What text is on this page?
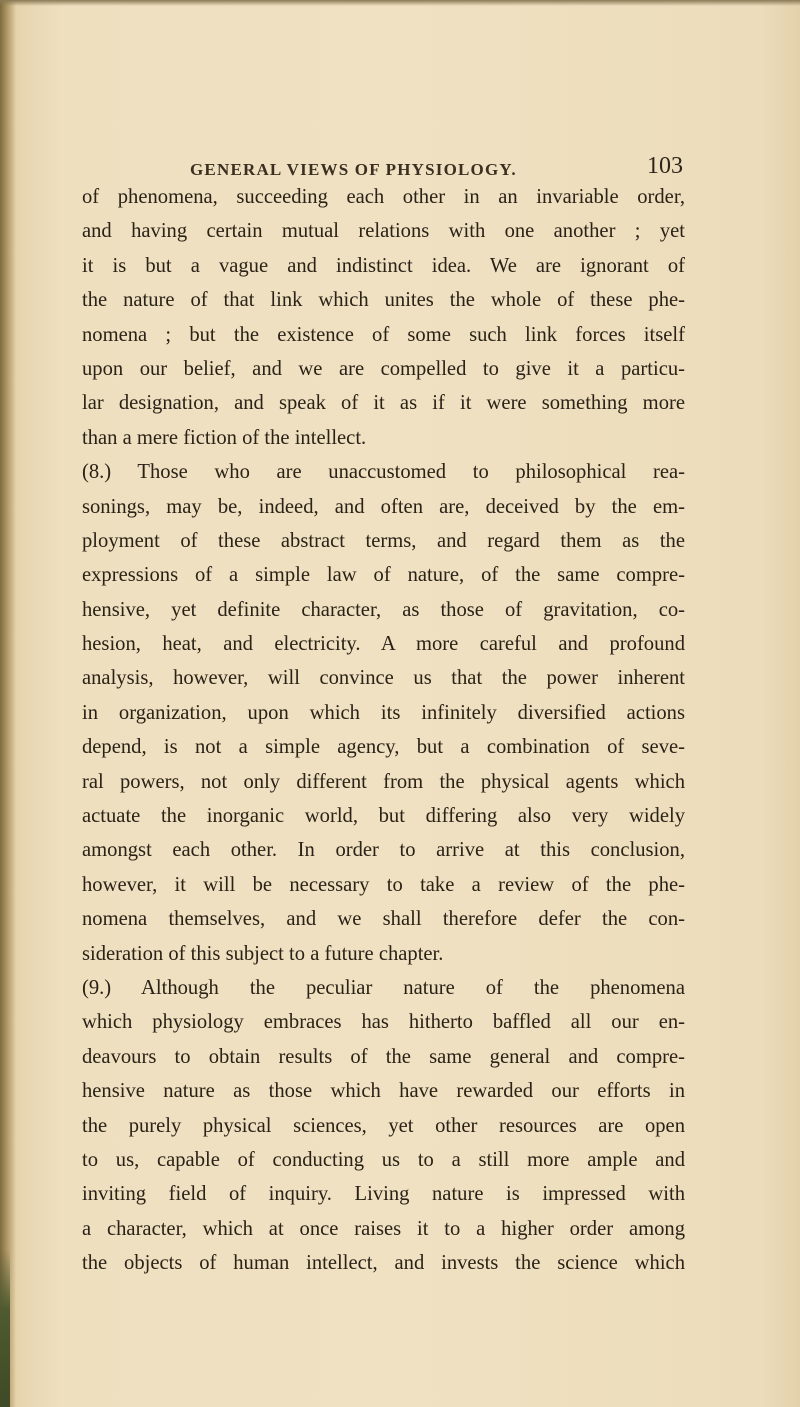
GENERAL VIEWS OF PHYSIOLOGY.	103
of phenomena, succeeding each other in an invariable order,
and having certain mutual relations with one another ; yet
it is but a vague and indistinct idea. We are ignorant of
the nature of that link which unites the whole of these phe-
nomena ; but the existence of some such link forces itself
upon our belief, and we are compelled to give it a particu-
lar designation, and speak of it as if it were something more
than a mere fiction of the intellect.
(8.) Those who are unaccustomed to philosophical rea-
sonings, may be, indeed, and often are, deceived by the em-
ployment of these abstract terms, and regard them as the
expressions of a simple law of nature, of the same compre-
hensive, yet definite character, as those of gravitation, co-
hesion, heat, and electricity. A more careful and profound
analysis, however, will convince us that the power inherent
in organization, upon which its infinitely diversified actions
depend, is not a simple agency, but a combination of seve-
ral powers, not only different from the physical agents which
actuate the inorganic world, but differing also very widely
amongst each other. In order to arrive at this conclusion,
however, it will be necessary to take a review of the phe-
nomena themselves, and we shall therefore defer the con-
sideration of this subject to a future chapter.
(9.) Although the peculiar nature of the phenomena
which physiology embraces has hitherto baffled all our en-
deavours to obtain results of the same general and compre-
hensive nature as those which have rewarded our efforts in
the purely physical sciences, yet other resources are open
to us, capable of conducting us to a still more ample and
inviting field of inquiry. Living nature is impressed with
a character, which at once raises it to a higher order among
the objects of human intellect, and invests the science which
